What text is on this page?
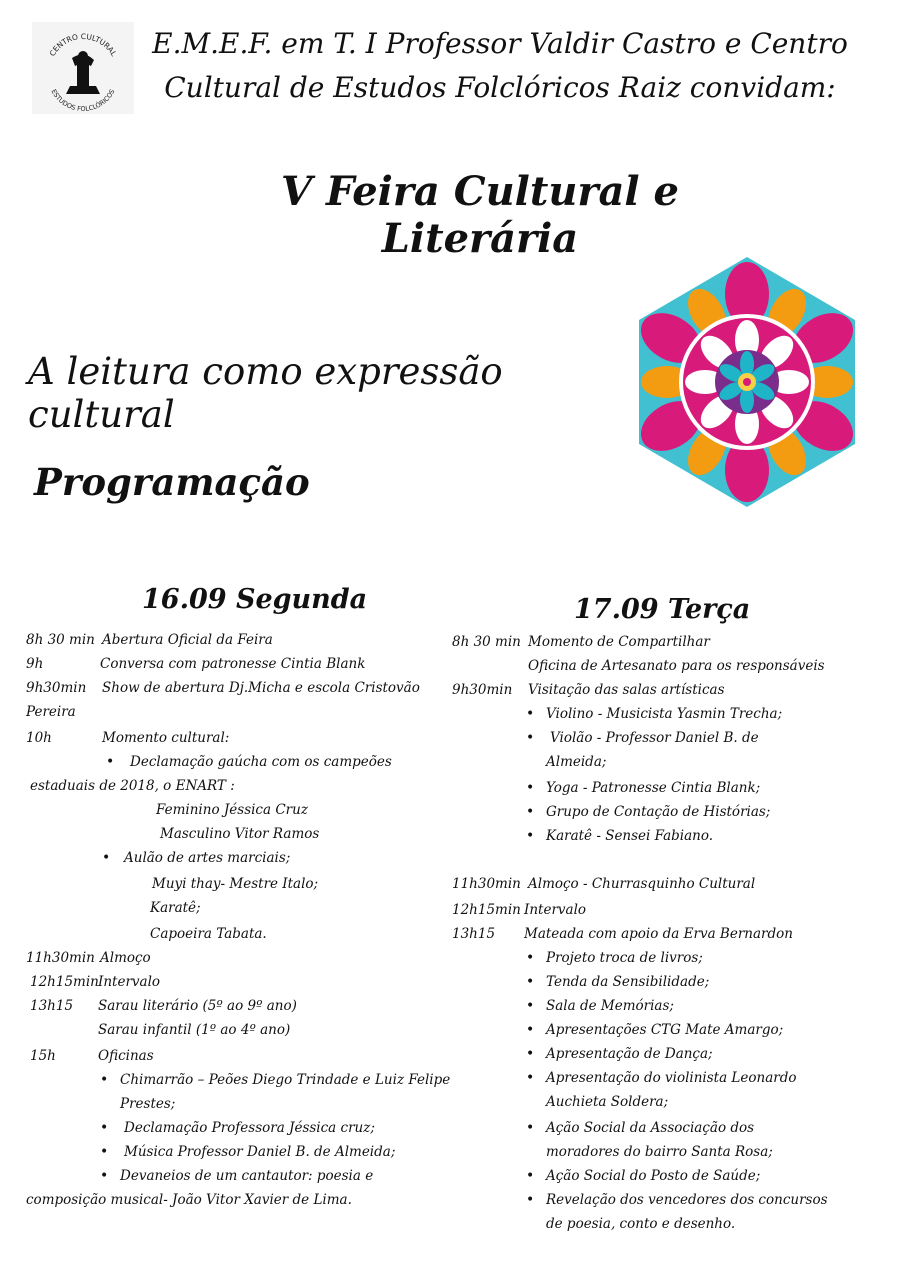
CENTRO CULTURAL
ESTUDOS FOLCLÓRICOS
E.M.E.F. em T. I Professor Valdir Castro e Centro
Cultural de Estudos Folclóricos Raiz convidam:
V Feira Cultural e Literária
A leitura como expressão cultural
Programação
16.09 Segunda
8h 30 min Abertura Oficial da Feira
9h	Conversa com patronesse Cintia Blank
9h30min Show de abertura Dj.Micha e escola Cristovão
Pereira
10h	Momento cultural:
• Declamação gaúcha com os campeões
estaduais de 2018, o ENART :
Feminino Jéssica Cruz
Masculino Vitor Ramos
• Aulão de artes marciais;
Muyi thay- Mestre Italo;
Karatê;
Capoeira Tabata.
11h30min Almoço
12h15min Intervalo
13h15 Sarau literário (5º ao 9º ano)
Sarau infantil (1º ao 4º ano)
15h	Oficinas
• Chimarrão – Peões Diego Trindade e Luiz Felipe
Prestes;
• Declamação Professora Jéssica cruz;
• Música Professor Daniel B. de Almeida;
• Devaneios de um cantautor: poesia e
composição musical- João Vitor Xavier de Lima.
17.09 Terça
8h 30 min Momento de Compartilhar
Oficina de Artesanato para os responsáveis
9h30min Visitação das salas artísticas
• Violino - Musicista Yasmin Trecha;
• Violão - Professor Daniel B. de
Almeida;
• Yoga - Patronesse Cintia Blank;
• Grupo de Contação de Histórias;
• Karatê - Sensei Fabiano.
11h30min Almoço - Churrasquinho Cultural
12h15min Intervalo
13h15 Mateada com apoio da Erva Bernardon
• Projeto troca de livros;
• Tenda da Sensibilidade;
• Sala de Memórias;
• Apresentações CTG Mate Amargo;
• Apresentação de Dança;
• Apresentação do violinista Leonardo
Auchieta Soldera;
• Ação Social da Associação dos
moradores do bairro Santa Rosa;
• Ação Social do Posto de Saúde;
• Revelação dos vencedores dos concursos
de poesia, conto e desenho.
